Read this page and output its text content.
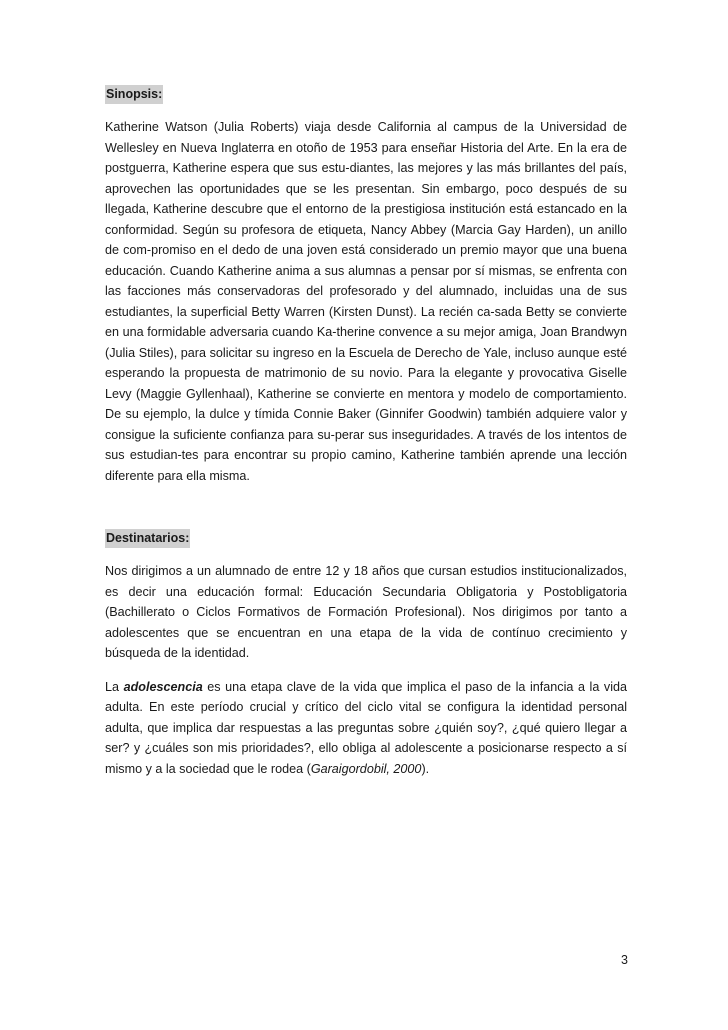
Sinopsis:

Katherine Watson (Julia Roberts) viaja desde California al campus de la Universidad de Wellesley en Nueva Inglaterra en otoño de 1953 para enseñar Historia del Arte. En la era de postguerra, Katherine espera que sus estu-diantes, las mejores y las más brillantes del país, aprovechen las oportunidades que se les presentan. Sin embargo, poco después de su llegada, Katherine descubre que el entorno de la prestigiosa institución está estancado en la conformidad. Según su profesora de etiqueta, Nancy Abbey (Marcia Gay Harden), un anillo de com-promiso en el dedo de una joven está considerado un premio mayor que una buena educación. Cuando Katherine anima a sus alumnas a pensar por sí mismas, se enfrenta con las facciones más conservadoras del profesorado y del alumnado, incluidas una de sus estudiantes, la superficial Betty Warren (Kirsten Dunst). La recién ca-sada Betty se convierte en una formidable adversaria cuando Ka-therine convence a su mejor amiga, Joan Brandwyn (Julia Stiles), para solicitar su ingreso en la Escuela de Derecho de Yale, incluso aunque esté esperando la propuesta de matrimonio de su novio. Para la elegante y provocativa Giselle Levy (Maggie Gyllenhaal), Katherine se convierte en mentora y modelo de comportamiento. De su ejemplo, la dulce y tímida Connie Baker (Ginnifer Goodwin) también adquiere valor y consigue la suficiente confianza para su-perar sus inseguridades. A través de los intentos de sus estudian-tes para encontrar su propio camino, Katherine también aprende una lección diferente para ella misma.

Destinatarios:

Nos dirigimos a un alumnado de entre 12 y 18 años que cursan estudios institucionalizados, es decir una educación formal: Educación Secundaria Obligatoria y Postobligatoria (Bachillerato o Ciclos Formativos de Formación Profesional). Nos dirigimos por tanto a adolescentes que se encuentran en una etapa de la vida de contínuo crecimiento y búsqueda de la identidad.

La adolescencia es una etapa clave de la vida que implica el paso de la infancia a la vida adulta. En este período crucial y crítico del ciclo vital se configura la identidad personal adulta, que implica dar respuestas a las preguntas sobre ¿quién soy?, ¿qué quiero llegar a ser? y ¿cuáles son mis prioridades?, ello obliga al adolescente a posicionarse respecto a sí mismo y a la sociedad que le rodea (Garaigordobil, 2000).

3
